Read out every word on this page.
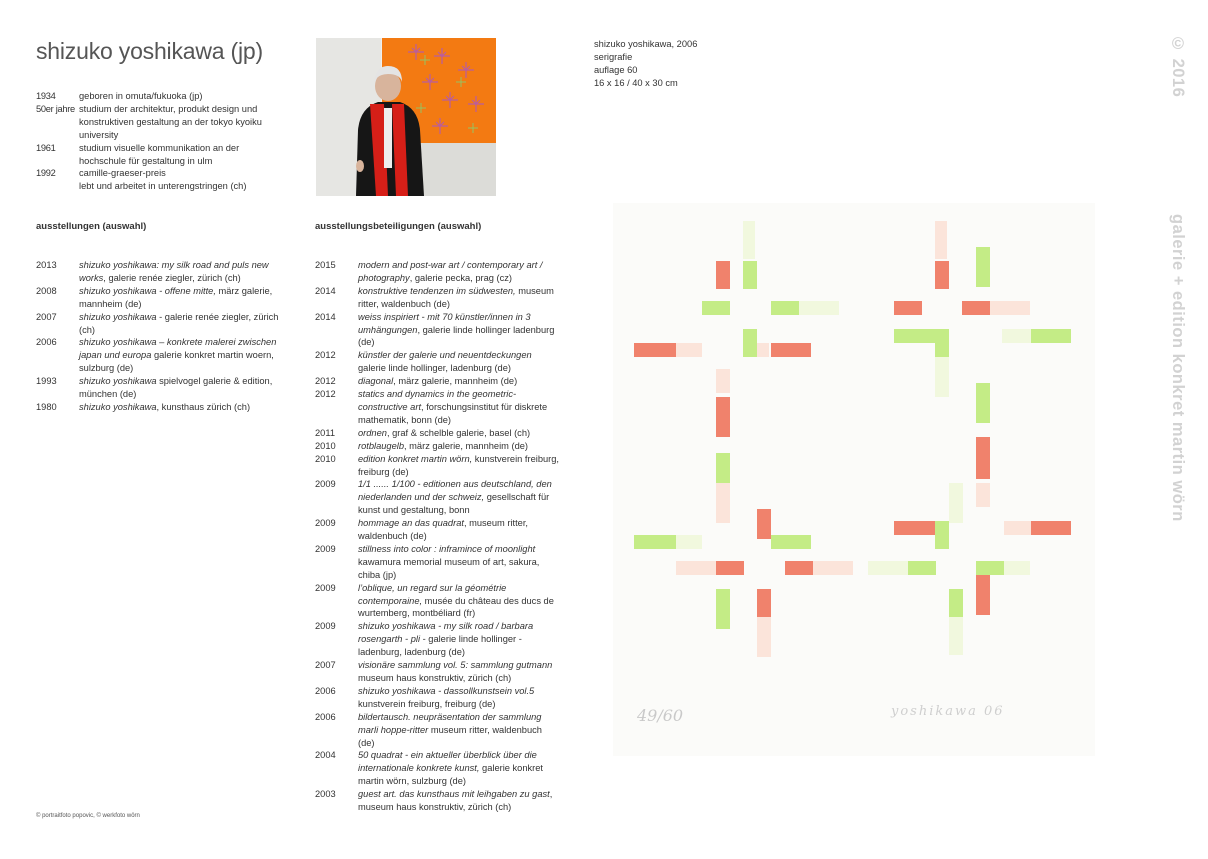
shizuko yoshikawa (jp)
1934	geboren in omuta/fukuoka (jp)
50er jahre studium der architektur, produkt design und konstruktiven gestaltung an der tokyo kyoiku university
1961	studium visuelle kommunikation an der hochschule für gestaltung in ulm
1992	camille-graeser-preis
lebt und arbeitet in unterengstringen (ch)
ausstellungen (auswahl)
2013	shizuko yoshikawa: my silk road and puls new works, galerie renée ziegler, zürich (ch)
2008	shizuko yoshikawa - offene mitte, märz galerie, mannheim (de)
2007	shizuko yoshikawa - galerie renée ziegler, zürich (ch)
2006	shizuko yoshikawa – konkrete malerei zwischen japan und europa galerie konkret martin woern, sulzburg (de)
1993	shizuko yoshikawa spielvogel galerie & edition, münchen (de)
1980	shizuko yoshikawa, kunsthaus zürich (ch)
ausstellungsbeteiligungen (auswahl)
2015	modern and post-war art / contemporary art / photography, galerie pecka, prag (cz)
2014	konstruktive tendenzen im südwesten, museum ritter, waldenbuch (de)
2014	weiss inspiriert - mit 70 künstler/innen in 3 umhängungen, galerie linde hollinger ladenburg (de)
2012	künstler der galerie und neuentdeckungen galerie linde hollinger, ladenburg (de)
2012	diagonal, märz galerie, mannheim (de)
2012	statics and dynamics in the geometric-constructive art, forschungsinstitut für diskrete mathematik, bonn (de)
2011	ordnen, graf & schelble galerie, basel (ch)
2010	rotblaugelb, märz galerie, mannheim (de)
2010	edition konkret martin wörn, kunstverein freiburg, freiburg (de)
2009	1/1 ...... 1/100 - editionen aus deutschland, den niederlanden und der schweiz, gesellschaft für kunst und gestaltung, bonn
2009	hommage an das quadrat, museum ritter, waldenbuch (de)
2009	stillness into color : inframince of moonlight kawamura memorial museum of art, sakura, chiba (jp)
2009	l’oblique, un regard sur la géométrie contemporaine, musée du château des ducs de wurtemberg, montbéliard (fr)
2009	shizuko yoshikawa - my silk road / barbara rosengarth - pli - galerie linde hollinger - ladenburg, ladenburg (de)
2007	visionäre sammlung vol. 5: sammlung gutmann museum haus konstruktiv, zürich (ch)
2006	shizuko yoshikawa - dassollkunstsein vol.5 kunstverein freiburg, freiburg (de)
2006	bildertausch. neupräsentation der sammlung marli hoppe-ritter museum ritter, waldenbuch (de)
2004	50 quadrat - ein aktueller überblick über die internationale konkrete kunst, galerie konkret martin wörn, sulzburg (de)
2003	guest art. das kunsthaus mit leihgaben zu gast, museum haus konstruktiv, zürich (ch)
shizuko yoshikawa, 2006
serigrafie
auflage 60
16 x 16 / 40 x 30 cm
49/60	yoshikawa 06
© 2016
galerie + edition konkret martin wörn
© portraitfoto popovic, © werkfoto wörn
